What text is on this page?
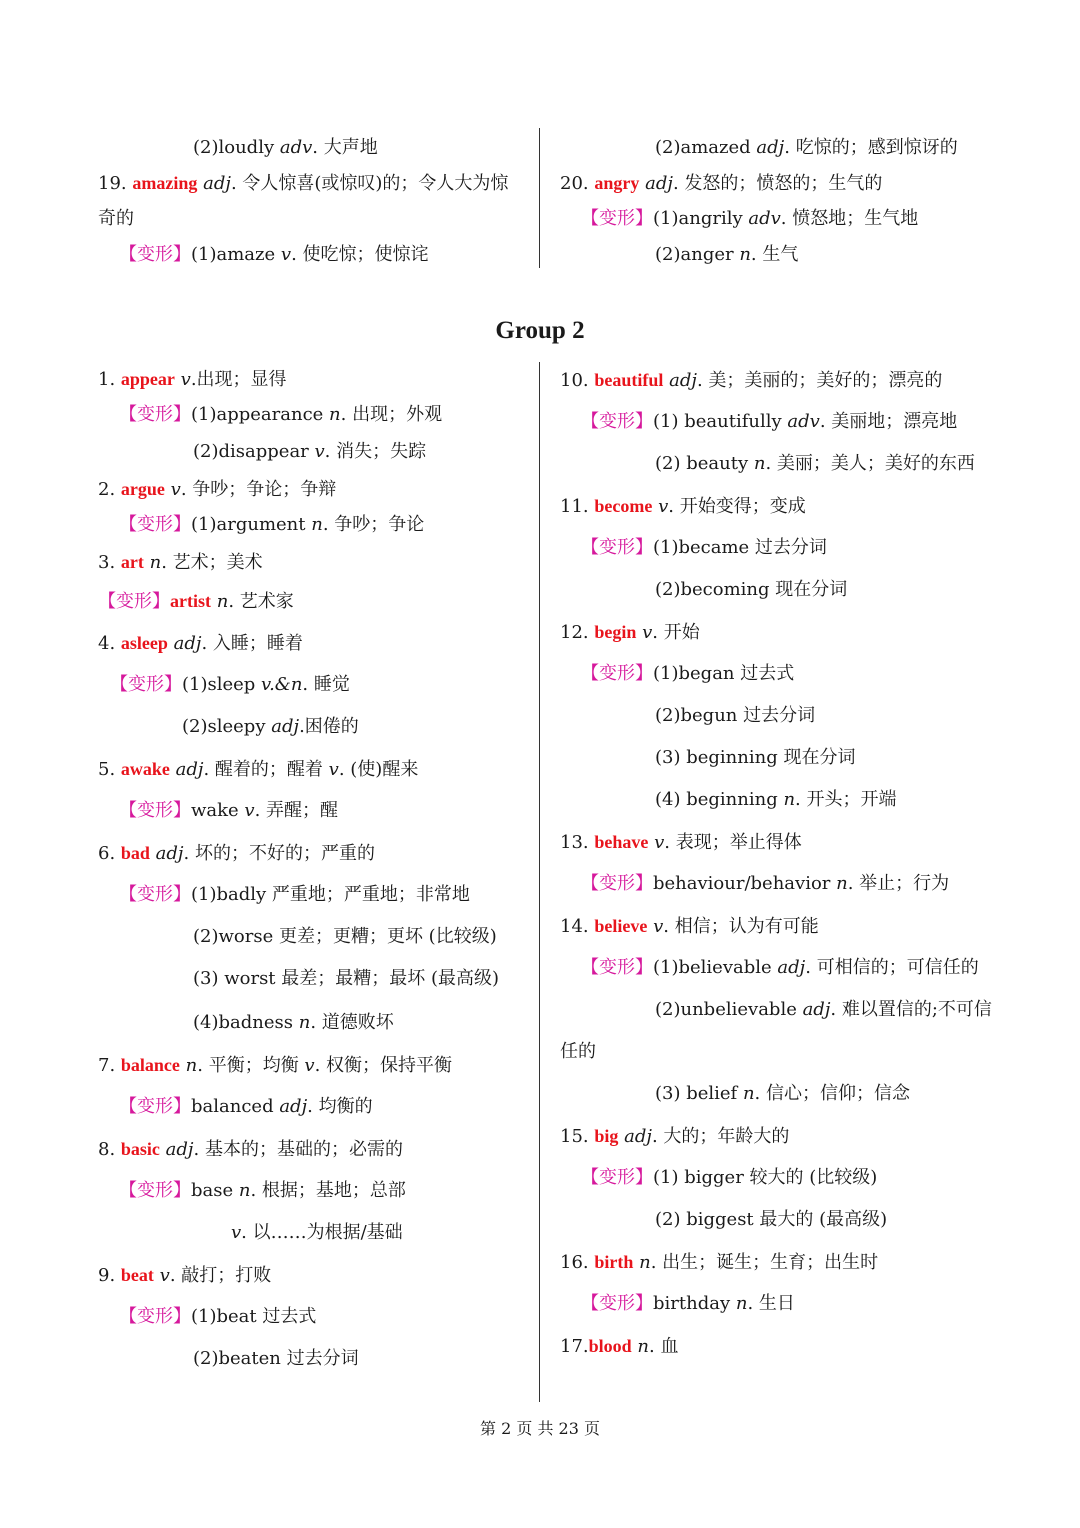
Group 2
(2)loudly adv. 大声地
19. amazing adj. 令人惊喜(或惊叹)的；令人大为惊
奇的
【变形】(1)amaze v. 使吃惊；使惊诧
(2)amazed adj. 吃惊的；感到惊讶的
20. angry adj. 发怒的；愤怒的；生气的
【变形】(1)angrily adv. 愤怒地；生气地
(2)anger n. 生气
1. appear v.出现；显得
【变形】(1)appearance n. 出现；外观
(2)disappear v. 消失；失踪
2. argue v. 争吵；争论；争辩
【变形】(1)argument n. 争吵；争论
3. art n. 艺术；美术
【变形】artist n. 艺术家
4. asleep adj. 入睡；睡着
【变形】(1)sleep v.&n. 睡觉
(2)sleepy adj.困倦的
5. awake adj. 醒着的；醒着 v. (使)醒来
【变形】wake v. 弄醒；醒
6. bad adj. 坏的；不好的；严重的
【变形】(1)badly 严重地；严重地；非常地
(2)worse 更差；更糟；更坏 (比较级)
(3) worst 最差；最糟；最坏 (最高级)
(4)badness n. 道德败坏
7. balance n. 平衡；均衡 v. 权衡；保持平衡
【变形】balanced adj. 均衡的
8. basic adj. 基本的；基础的；必需的
【变形】base n. 根据；基地；总部
v. 以……为根据/基础
9. beat v. 敲打；打败
【变形】(1)beat 过去式
(2)beaten 过去分词
10. beautiful adj. 美；美丽的；美好的；漂亮的
【变形】(1) beautifully adv. 美丽地；漂亮地
(2) beauty n. 美丽；美人；美好的东西
11. become v. 开始变得；变成
【变形】(1)became 过去分词
(2)becoming 现在分词
12. begin v. 开始
【变形】(1)began 过去式
(2)begun 过去分词
(3) beginning 现在分词
(4) beginning n. 开头；开端
13. behave v. 表现；举止得体
【变形】behaviour/behavior n. 举止；行为
14. believe v. 相信；认为有可能
【变形】(1)believable adj. 可相信的；可信任的
(2)unbelievable adj. 难以置信的;不可信
任的
(3) belief n. 信心；信仰；信念
15. big adj. 大的；年龄大的
【变形】(1) bigger 较大的 (比较级)
(2) biggest 最大的 (最高级)
16. birth n. 出生；诞生；生育；出生时
【变形】birthday n. 生日
17.blood n. 血
第 2 页 共 23 页
